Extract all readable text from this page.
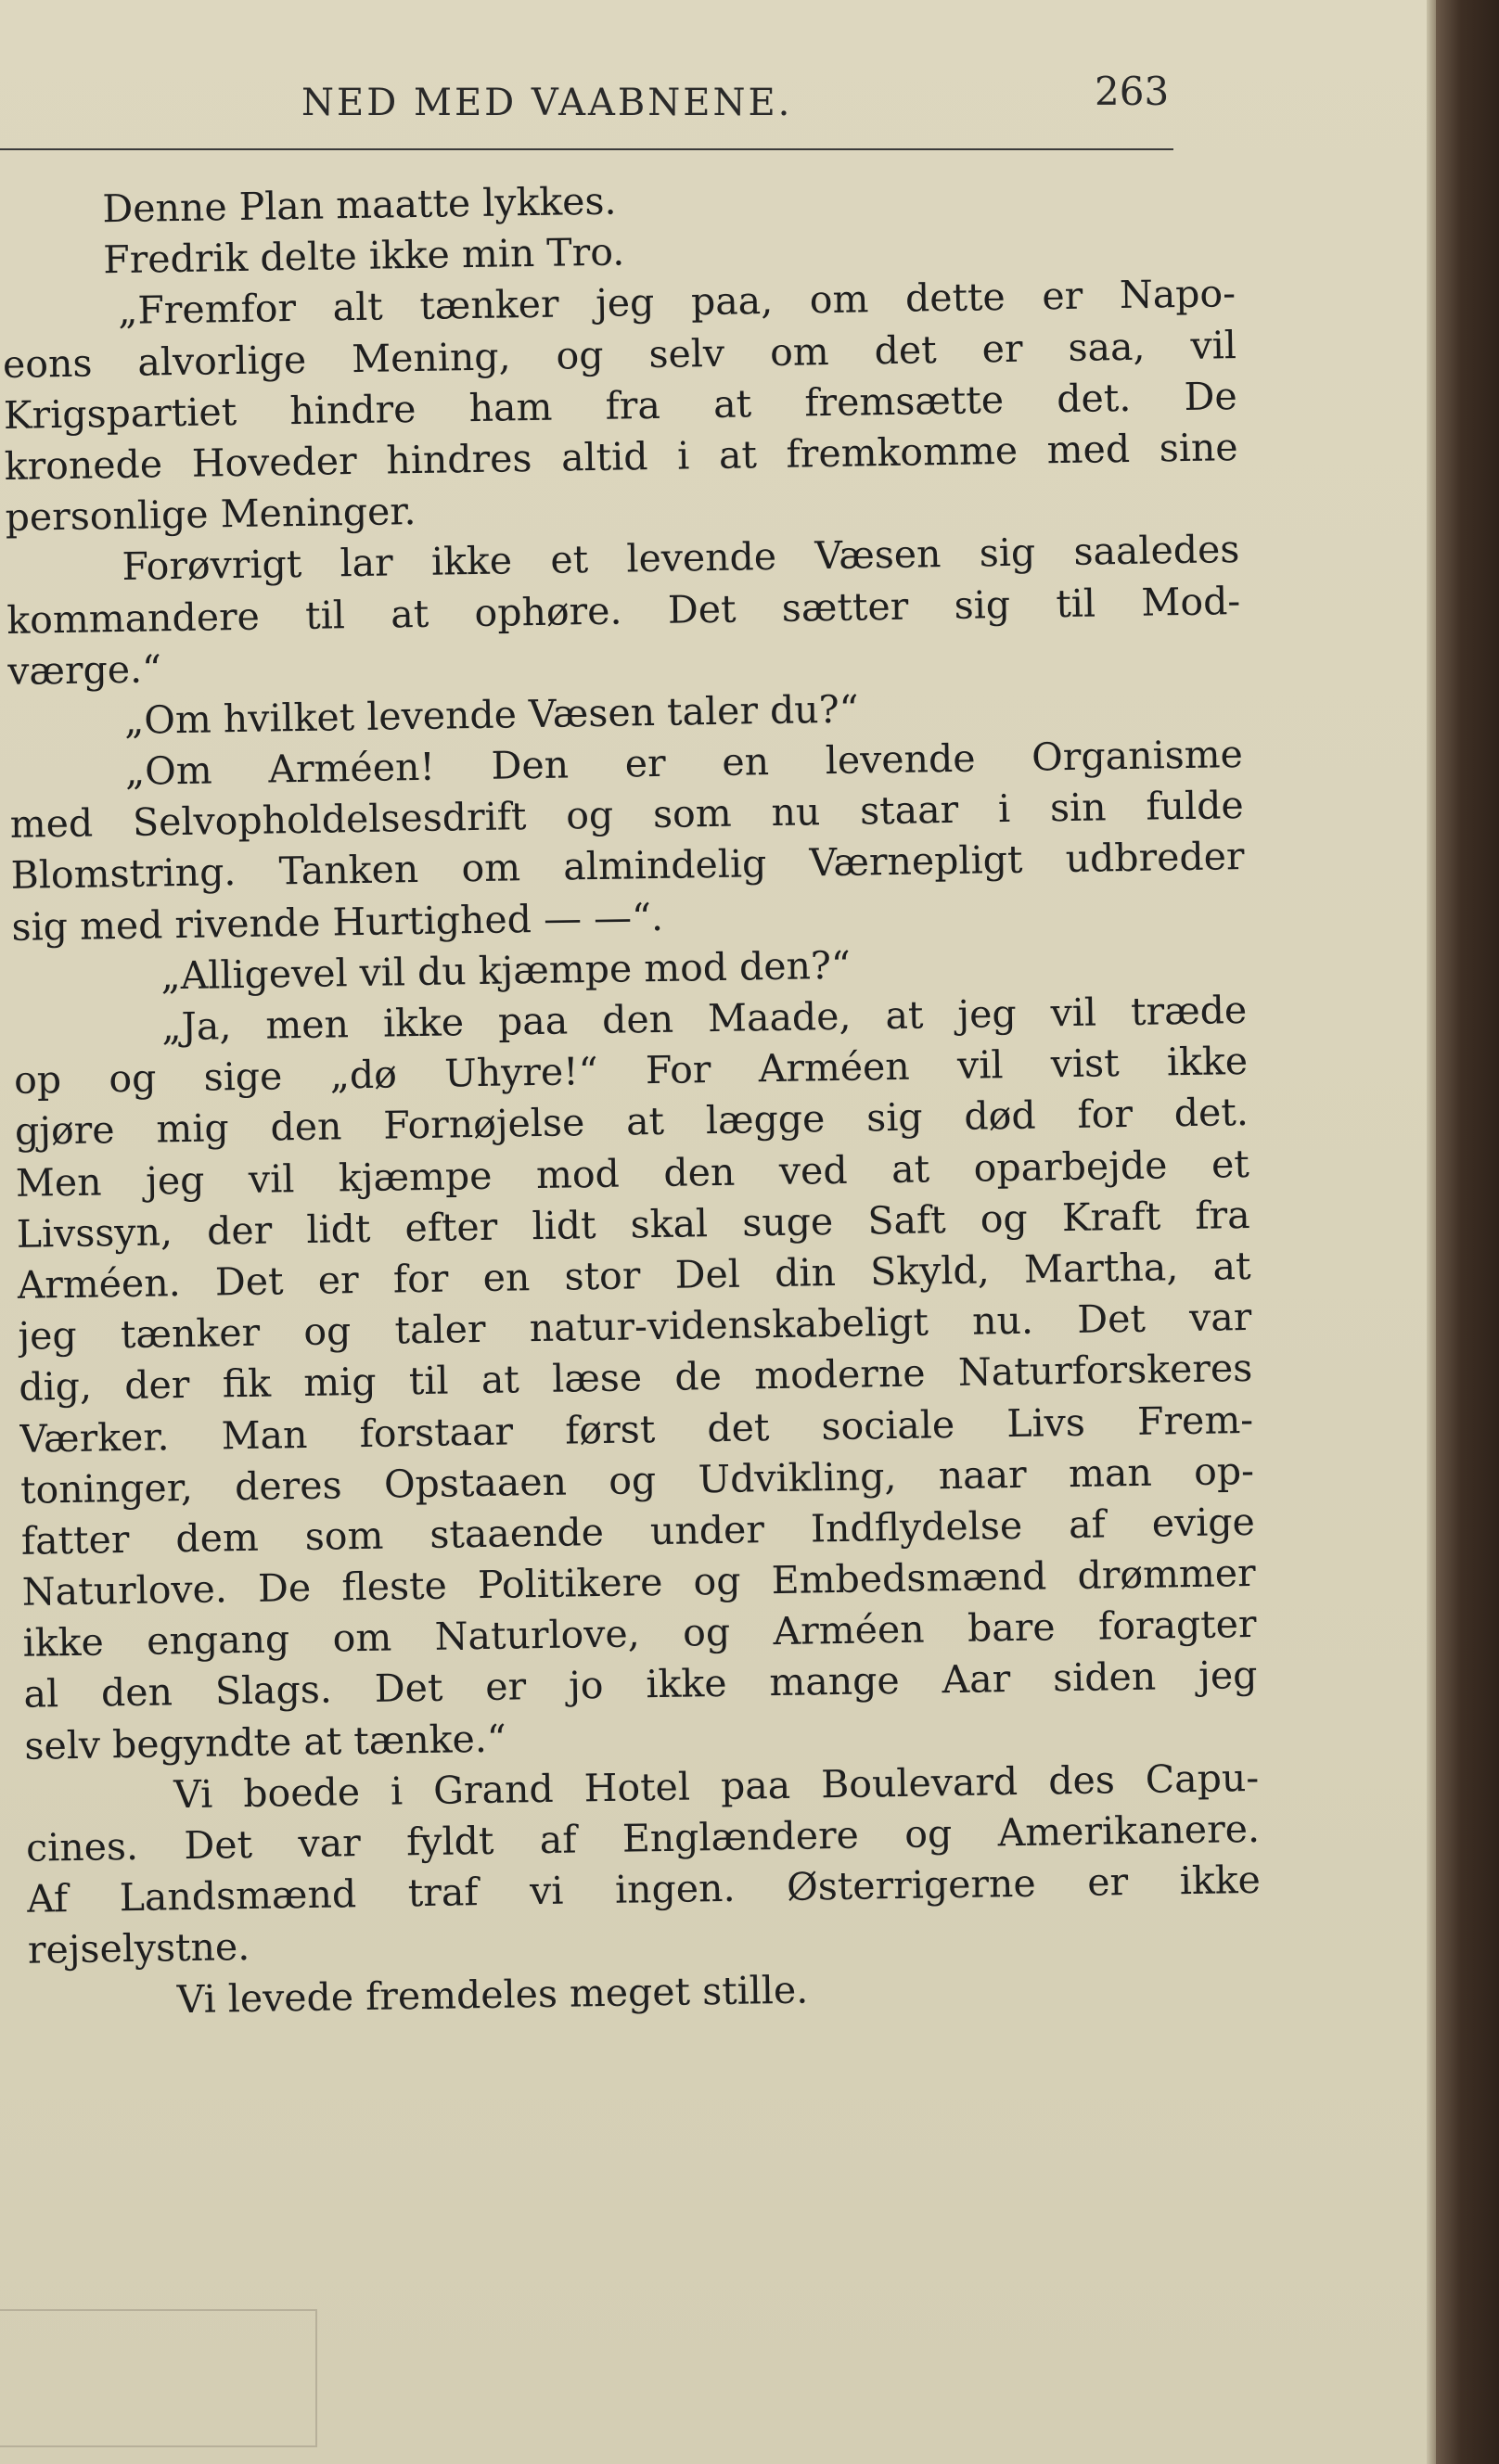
NED MED VAABNENE.	263
Denne Plan maatte lykkes.
Fredrik delte ikke min Tro.
„Fremfor alt tænker jeg paa, om dette er Napo-
eons alvorlige Mening, og selv om det er saa, vil
Krigspartiet hindre ham fra at fremsætte det. De
kronede Hoveder hindres altid i at fremkomme med sine
personlige Meninger.
Forøvrigt lar ikke et levende Væsen sig saaledes
kommandere til at ophøre. Det sætter sig til Mod-
værge.“
„Om hvilket levende Væsen taler du?“
„Om Arméen! Den er en levende Organisme
med Selvopholdelsesdrift og som nu staar i sin fulde
Blomstring. Tanken om almindelig Værnepligt udbreder
sig med rivende Hurtighed — —“.
„Alligevel vil du kjæmpe mod den?“
„Ja, men ikke paa den Maade, at jeg vil træde
op og sige „dø Uhyre!“ For Arméen vil vist ikke
gjøre mig den Fornøjelse at lægge sig død for det.
Men jeg vil kjæmpe mod den ved at oparbejde et
Livssyn, der lidt efter lidt skal suge Saft og Kraft fra
Arméen. Det er for en stor Del din Skyld, Martha, at
jeg tænker og taler natur-videnskabeligt nu. Det var
dig, der fik mig til at læse de moderne Naturforskeres
Værker. Man forstaar først det sociale Livs Frem-
toninger, deres Opstaaen og Udvikling, naar man op-
fatter dem som staaende under Indflydelse af evige
Naturlove. De fleste Politikere og Embedsmænd drømmer
ikke engang om Naturlove, og Arméen bare foragter
al den Slags. Det er jo ikke mange Aar siden jeg
selv begyndte at tænke.“
Vi boede i Grand Hotel paa Boulevard des Capu-
cines. Det var fyldt af Englændere og Amerikanere.
Af Landsmænd traf vi ingen. Østerrigerne er ikke
rejselystne.
Vi levede fremdeles meget stille.
